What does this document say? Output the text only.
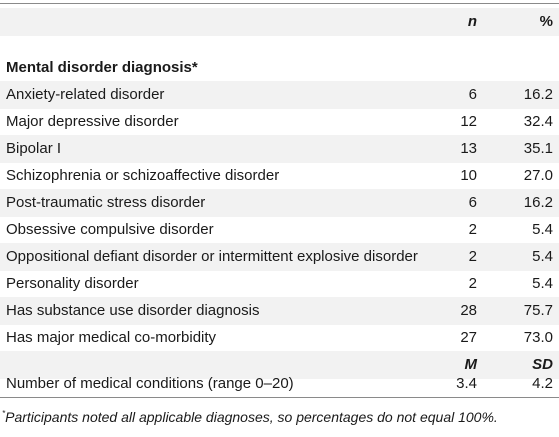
n	%
Mental disorder diagnosis*
Anxiety-related disorder	6	16.2
Major depressive disorder	12	32.4
Bipolar I	13	35.1
Schizophrenia or schizoaffective disorder	10	27.0
Post-traumatic stress disorder	6	16.2
Obsessive compulsive disorder	2	5.4
Oppositional defiant disorder or intermittent explosive disorder	2	5.4
Personality disorder	2	5.4
Has substance use disorder diagnosis	28	75.7
Has major medical co-morbidity	27	73.0
M	SD
Number of medical conditions (range 0–20)	3.4	4.2
*Participants noted all applicable diagnoses, so percentages do not equal 100%.
